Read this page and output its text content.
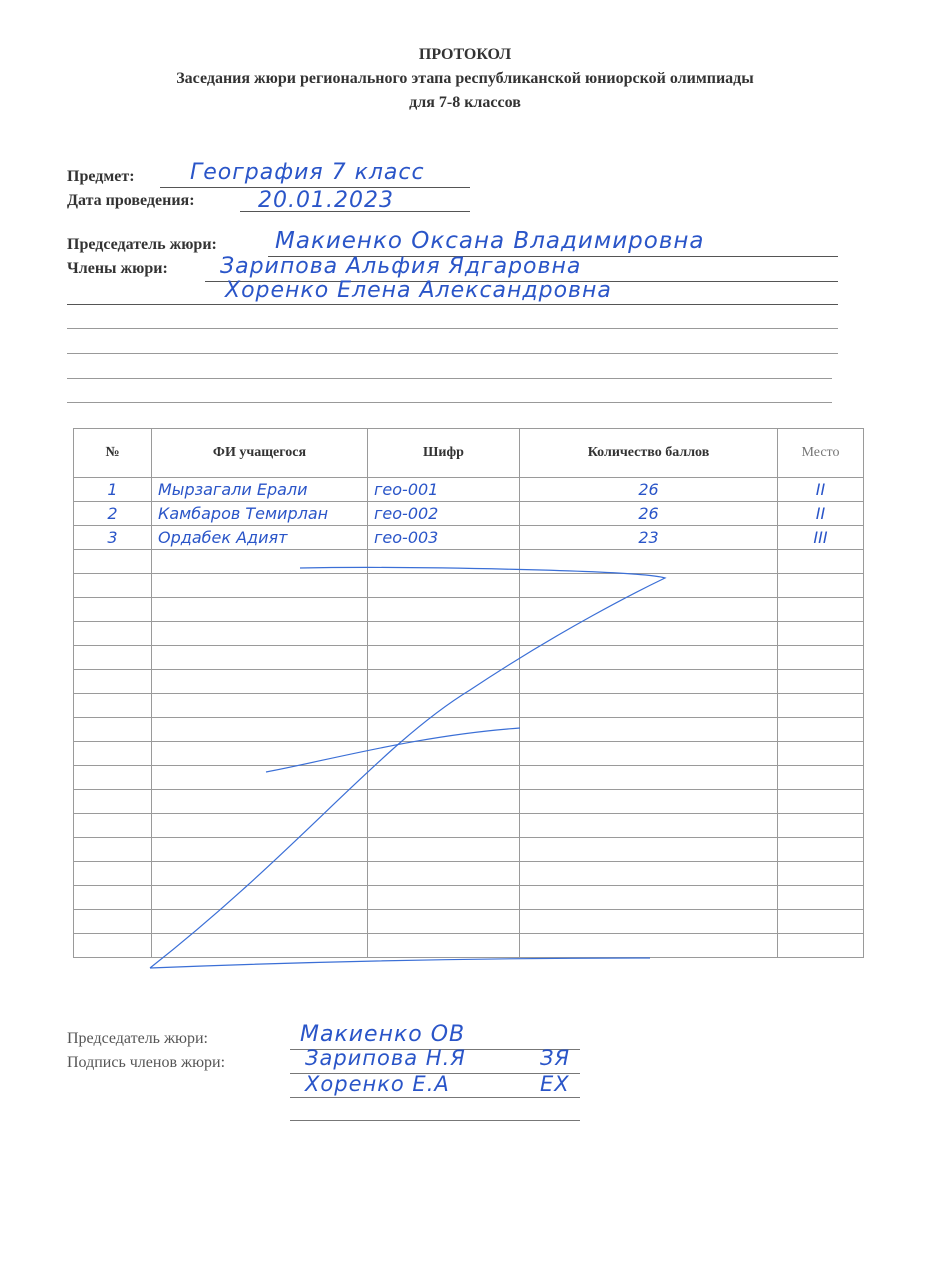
ПРОТОКОЛ
Заседания жюри регионального этапа республиканской юниорской олимпиады
для 7-8 классов
Предмет:	География 7 класс
Дата проведения:	20.01.2023
Председатель жюри:	Макиенко Оксана Владимировна
Члены жюри: Зарипова Альфия Ядгаровна
Хоренко Елена Александровна
№	ФИ учащегося	Шифр	Количество баллов	Место
1	Мырзагали Ерали	гео-001	26	II
2	Камбаров Темирлан	гео-002	26	II
3	Ордабек Адият	гео-003	23	III

Председатель жюри:	Макиенко ОВ
Подпись членов жюри:	Зарипова Н.Я	ЗЯ
Хоренко Е.А	ЕХ
